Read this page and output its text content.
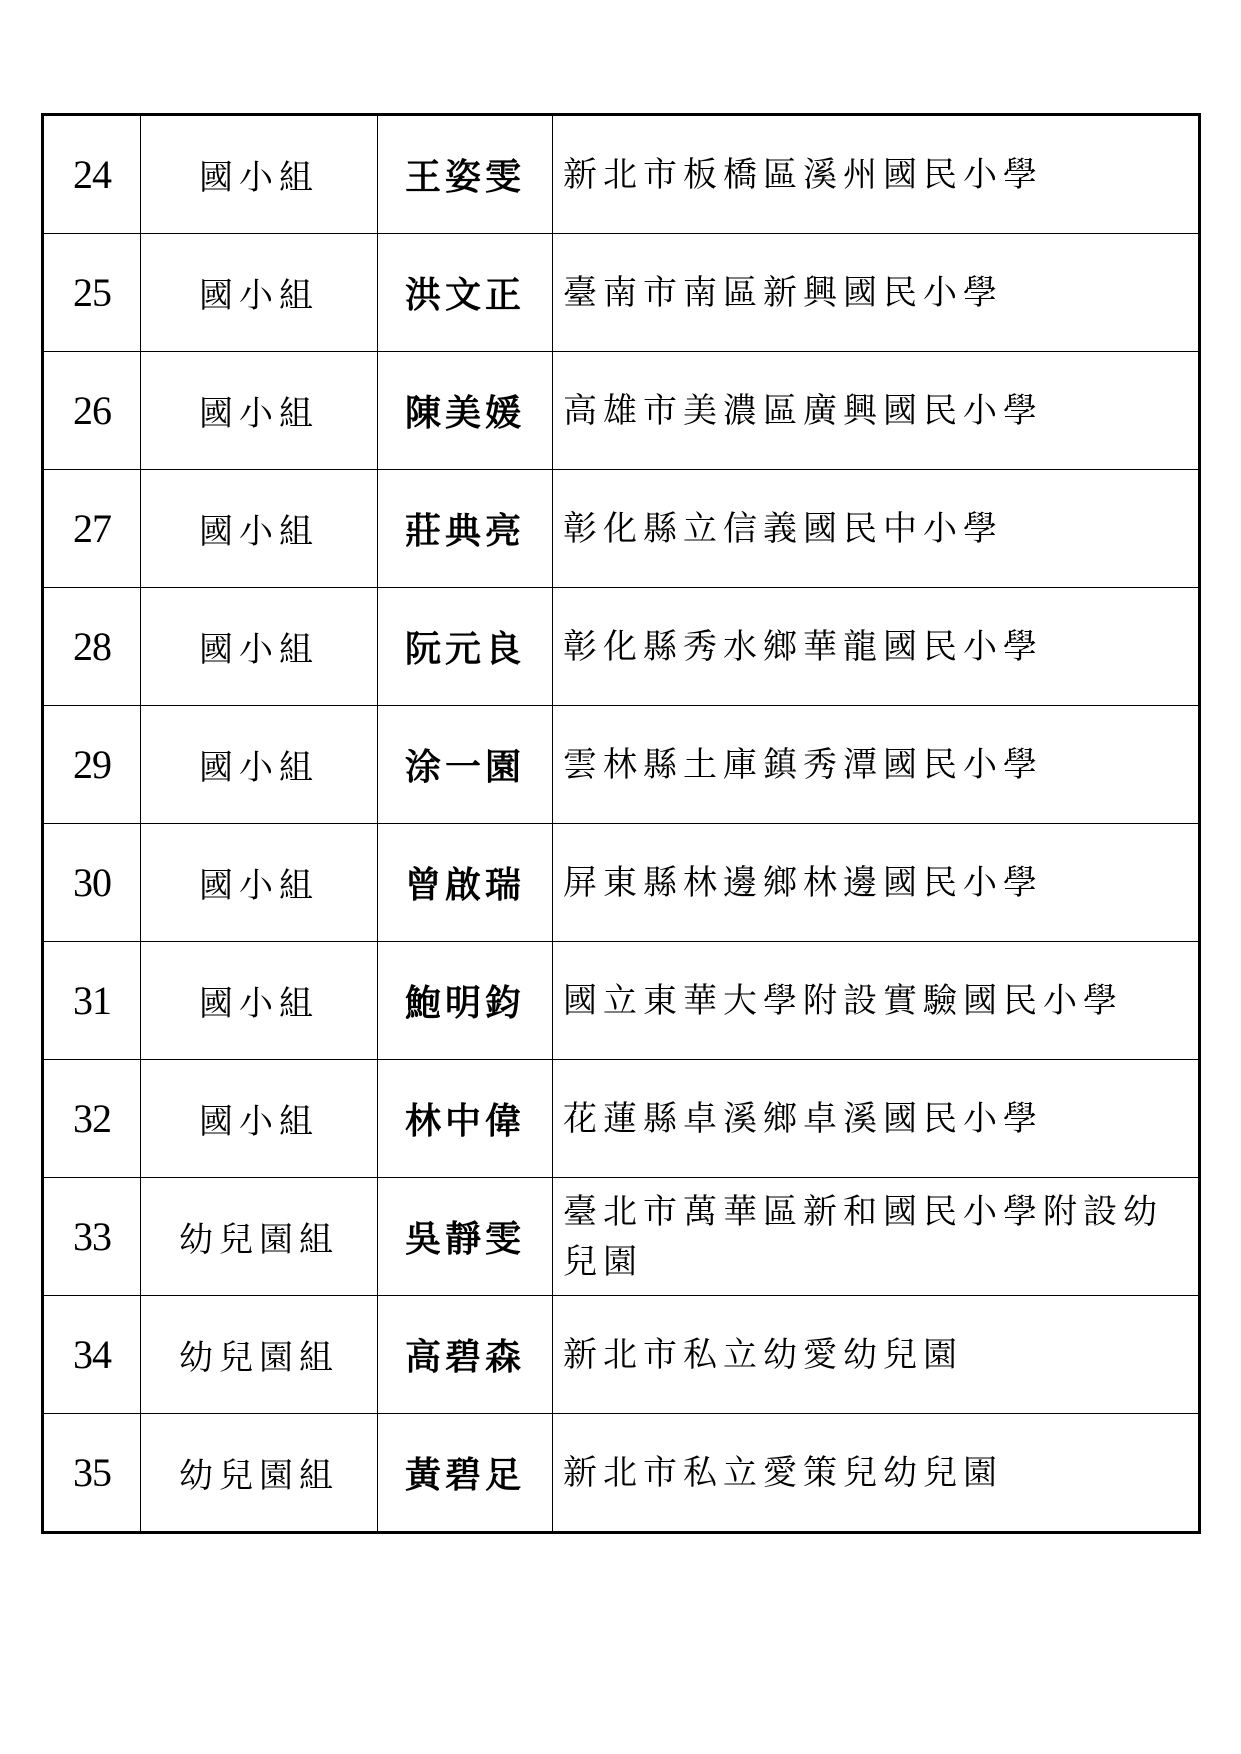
24	國小組	王姿雯	新北市板橋區溪州國民小學
25	國小組	洪文正	臺南市南區新興國民小學
26	國小組	陳美媛	高雄市美濃區廣興國民小學
27	國小組	莊典亮	彰化縣立信義國民中小學
28	國小組	阮元良	彰化縣秀水鄉華龍國民小學
29	國小組	涂一園	雲林縣土庫鎮秀潭國民小學
30	國小組	曾啟瑞	屏東縣林邊鄉林邊國民小學
31	國小組	鮑明鈞	國立東華大學附設實驗國民小學
32	國小組	林中偉	花蓮縣卓溪鄉卓溪國民小學
33	幼兒園組	吳靜雯	臺北市萬華區新和國民小學附設幼兒園
34	幼兒園組	高碧森	新北市私立幼愛幼兒園
35	幼兒園組	黃碧足	新北市私立愛策兒幼兒園
